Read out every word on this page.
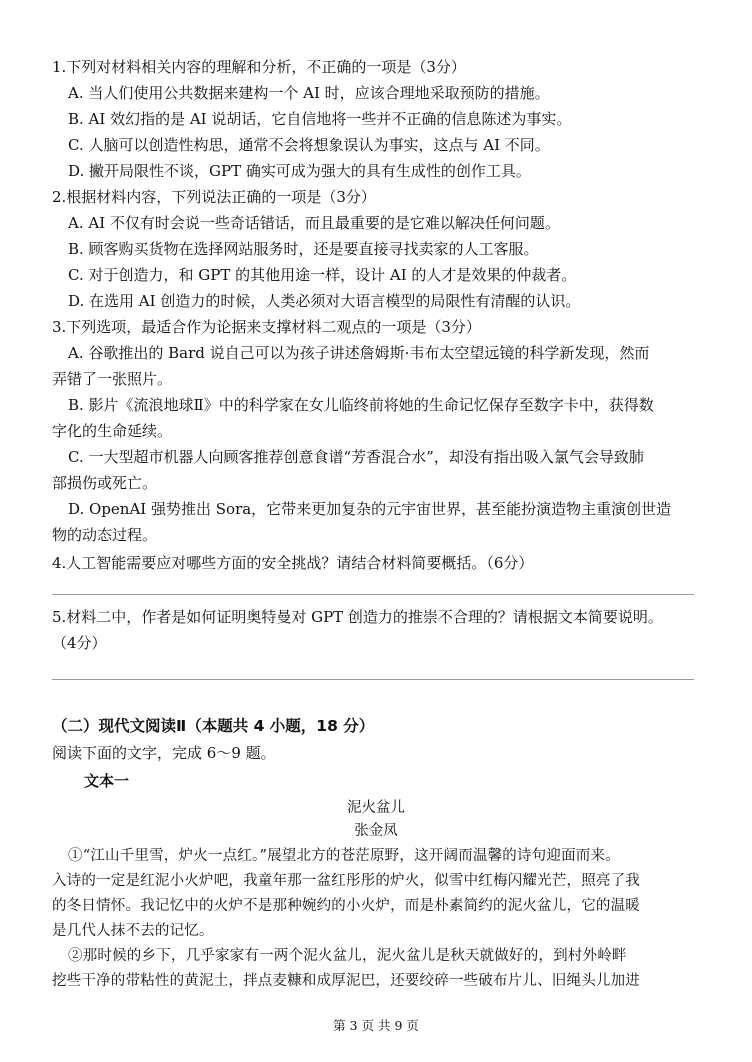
1.下列对材料相关内容的理解和分析，不正确的一项是（3分）
A. 当人们使用公共数据来建构一个 AI 时，应该合理地采取预防的措施。
B. AI 效幻指的是 AI 说胡话，它自信地将一些并不正确的信息陈述为事实。
C. 人脑可以创造性构思，通常不会将想象误认为事实，这点与 AI 不同。
D. 撇开局限性不谈，GPT 确实可成为强大的具有生成性的创作工具。
2.根据材料内容，下列说法正确的一项是（3分）
A. AI 不仅有时会说一些奇话错话，而且最重要的是它难以解决任何问题。
B. 顾客购买货物在选择网站服务时，还是要直接寻找卖家的人工客服。
C. 对于创造力，和 GPT 的其他用途一样，设计 AI 的人才是效果的仲裁者。
D. 在选用 AI 创造力的时候，人类必须对大语言模型的局限性有清醒的认识。
3.下列选项，最适合作为论据来支撑材料二观点的一项是（3分）
A. 谷歌推出的 Bard 说自己可以为孩子讲述詹姆斯·韦布太空望远镜的科学新发现，然而
弄错了一张照片。
B. 影片《流浪地球Ⅱ》中的科学家在女儿临终前将她的生命记忆保存至数字卡中，获得数
字化的生命延续。
C. 一大型超市机器人向顾客推荐创意食谱“芳香混合水”，却没有指出吸入氯气会导致肺
部损伤或死亡。
D. OpenAI 强势推出 Sora，它带来更加复杂的元宇宙世界，甚至能扮演造物主重演创世造
物的动态过程。
4.人工智能需要应对哪些方面的安全挑战？请结合材料简要概括。（6分）
5.材料二中，作者是如何证明奥特曼对 GPT 创造力的推崇不合理的？请根据文本简要说明。
（4分）
（二）现代文阅读Ⅱ（本题共 4 小题，18 分）
阅读下面的文字，完成 6～9 题。
文本一
泥火盆儿
张金凤
①“江山千里雪，炉火一点红。”展望北方的苍茫原野，这开阔而温馨的诗句迎面而来。
入诗的一定是红泥小火炉吧，我童年那一盆红彤彤的炉火，似雪中红梅闪耀光芒，照亮了我
的冬日情怀。我记忆中的火炉不是那种婉约的小火炉，而是朴素简约的泥火盆儿，它的温暖
是几代人抹不去的记忆。
②那时候的乡下，几乎家家有一两个泥火盆儿，泥火盆儿是秋天就做好的，到村外岭畔
挖些干净的带粘性的黄泥土，拌点麦糠和成厚泥巴，还要绞碎一些破布片儿、旧绳头儿加进
第 3 页 共 9 页
